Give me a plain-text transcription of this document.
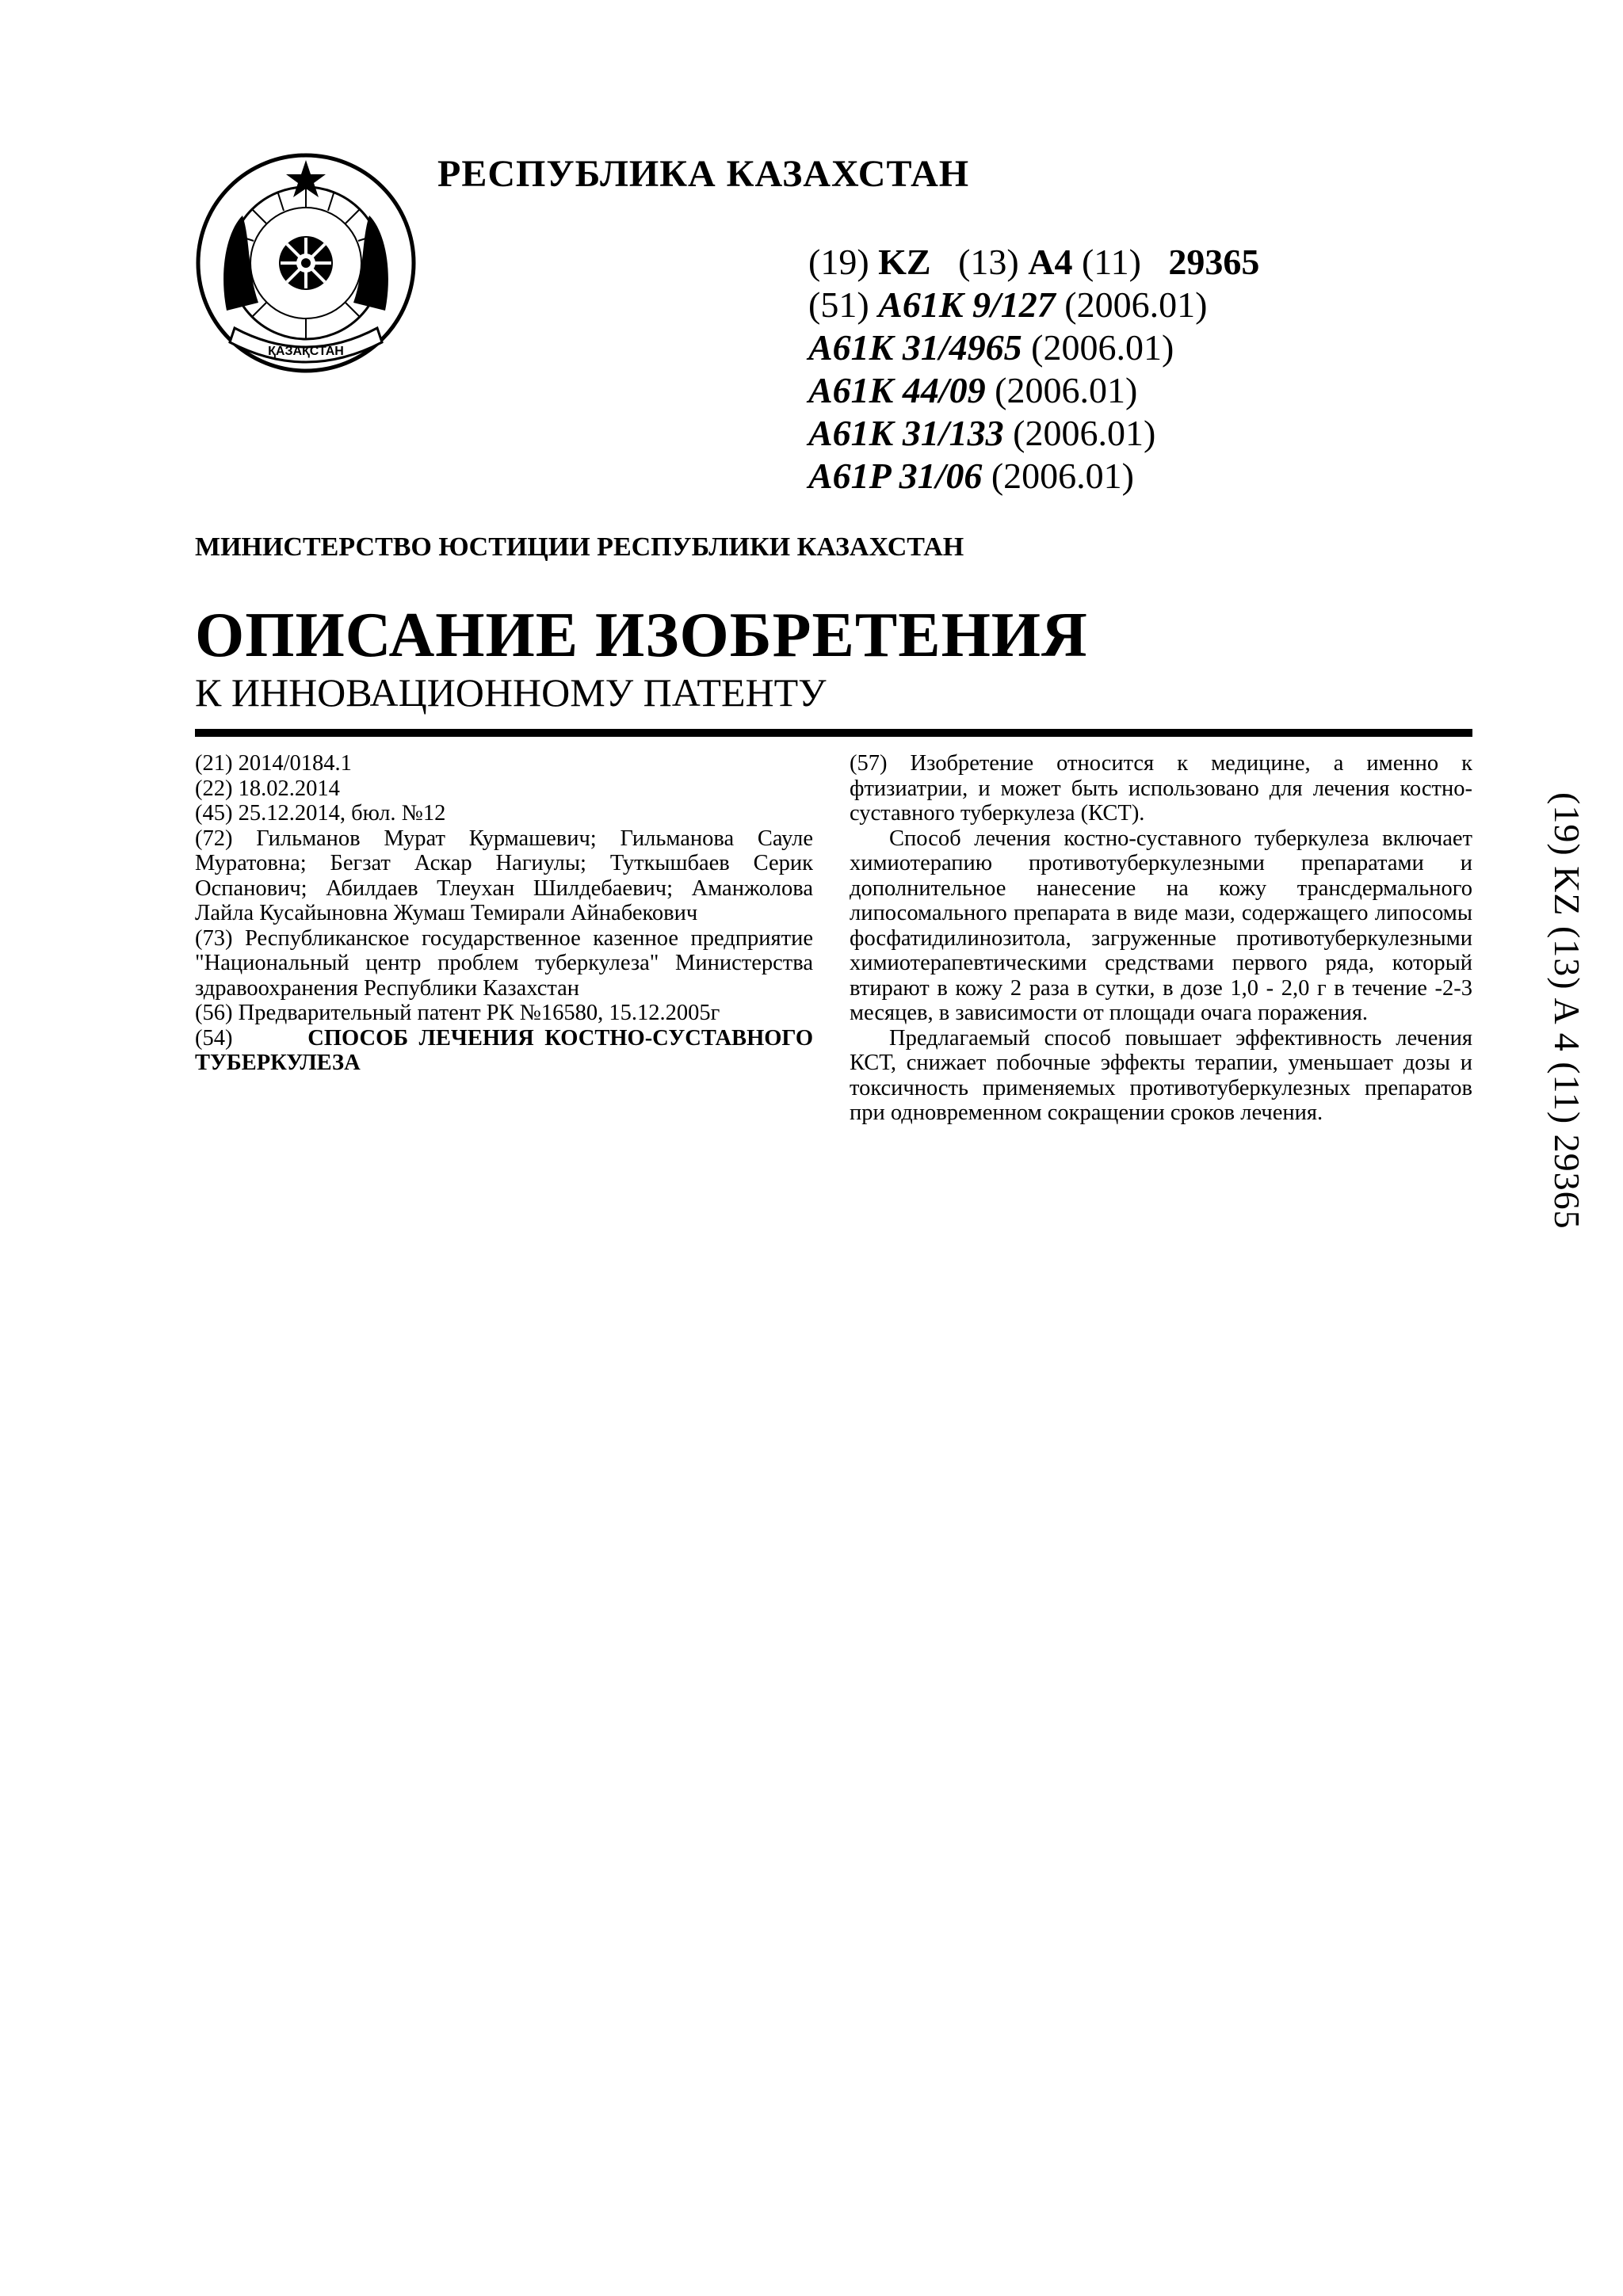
ҚАЗАҚСТАН
РЕСПУБЛИКА КАЗАХСТАН
(19) KZ (13) A4 (11) 29365
(51) A61K 9/127 (2006.01)
A61K 31/4965 (2006.01)
A61K 44/09 (2006.01)
A61K 31/133 (2006.01)
A61P 31/06 (2006.01)
МИНИСТЕРСТВО ЮСТИЦИИ РЕСПУБЛИКИ КАЗАХСТАН
ОПИСАНИЕ ИЗОБРЕТЕНИЯ
К ИННОВАЦИОННОМУ ПАТЕНТУ

(21) 2014/0184.1

(22) 18.02.2014

(45) 25.12.2014, бюл. №12

(72) Гильманов Мурат Курмашевич; Гильманова Сауле Муратовна; Бегзат Аскар Нагиулы; Туткышбаев Серик Оспанович; Абилдаев Тлеухан Шилдебаевич; Аманжолова Лайла Кусайыновна Жумаш Темирали Айнабекович

(73) Республиканское государственное казенное предприятие "Национальный центр проблем туберкулеза" Министерства здравоохранения Республики Казахстан

(56) Предварительный патент РК №16580, 15.12.2005г

(54)	СПОСОБ ЛЕЧЕНИЯ КОСТНО-СУСТАВНОГО ТУБЕРКУЛЕЗА

(57) Изобретение относится к медицине, а именно к фтизиатрии, и может быть использовано для лечения костно-суставного туберкулеза (КСТ).

Способ лечения костно-суставного туберкулеза включает химиотерапию противотуберкулезными препаратами и дополнительное нанесение на кожу трансдермального липосомального препарата в виде мази, содержащего липосомы фосфатидилинозитола, загруженные противотуберкулезными химиотерапевтическими средствами первого ряда, который втирают в кожу 2 раза в сутки, в дозе 1,0 - 2,0 г в течение -2-3 месяцев, в зависимости от площади очага поражения.

Предлагаемый способ повышает эффективность лечения КСТ, снижает побочные эффекты терапии, уменьшает дозы и токсичность применяемых противотуберкулезных препаратов при одновременном сокращении сроков лечения.	(19) KZ (13) A 4 (11) 29365
